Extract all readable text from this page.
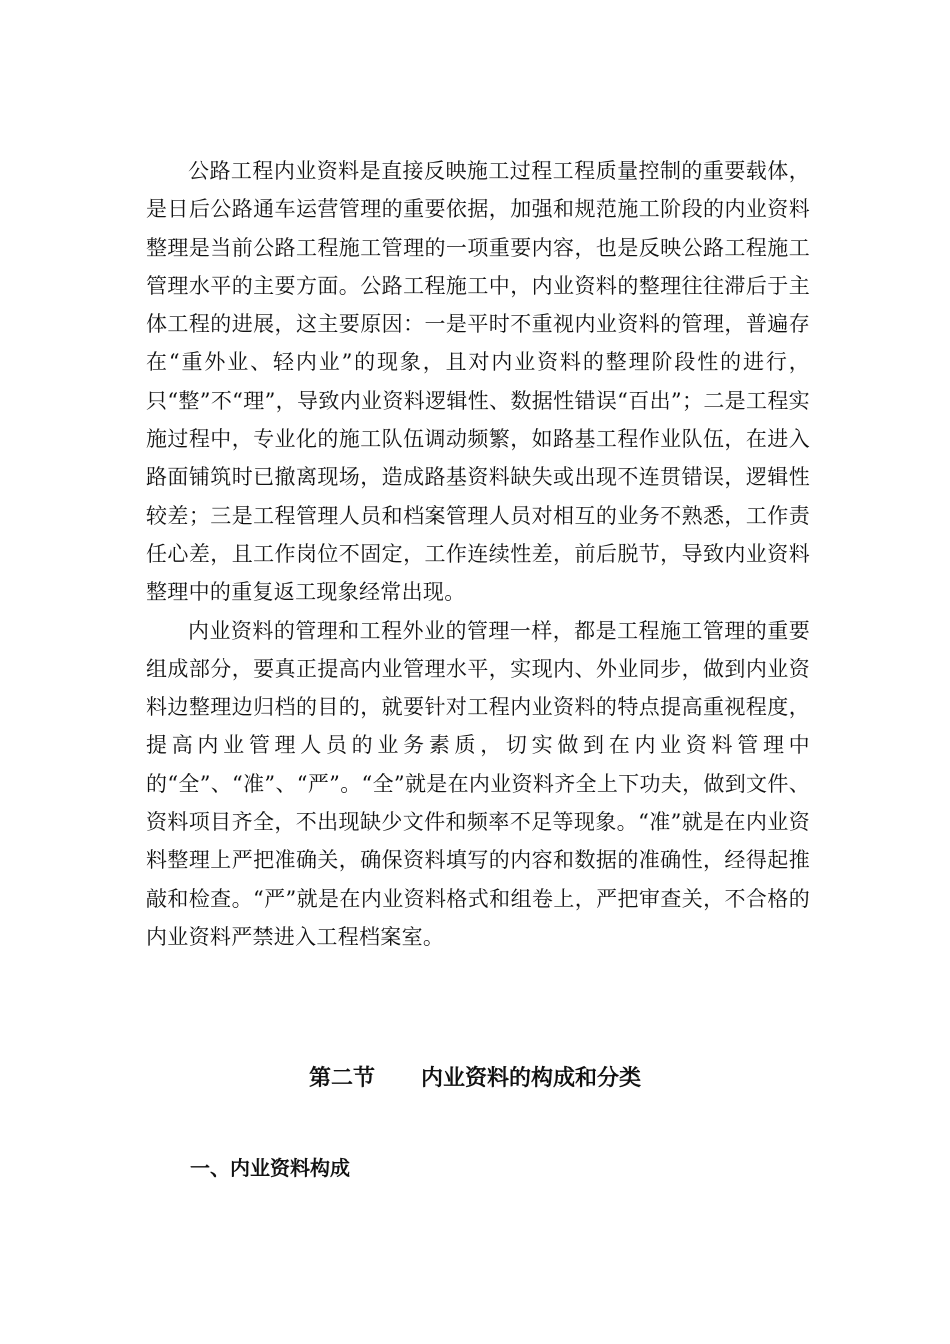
公路工程内业资料是直接反映施工过程工程质量控制的重要载体，是日后公路通车运营管理的重要依据，加强和规范施工阶段的内业资料整理是当前公路工程施工管理的一项重要内容，也是反映公路工程施工管理水平的主要方面。公路工程施工中，内业资料的整理往往滞后于主体工程的进展，这主要原因：一是平时不重视内业资料的管理，普遍存在“重外业、轻内业”的现象，且对内业资料的整理阶段性的进行，只“整”不“理”，导致内业资料逻辑性、数据性错误“百出”；二是工程实施过程中，专业化的施工队伍调动频繁，如路基工程作业队伍，在进入路面铺筑时已撤离现场，造成路基资料缺失或出现不连贯错误，逻辑性较差；三是工程管理人员和档案管理人员对相互的业务不熟悉，工作责任心差，且工作岗位不固定，工作连续性差，前后脱节，导致内业资料整理中的重复返工现象经常出现。

内业资料的管理和工程外业的管理一样，都是工程施工管理的重要组成部分，要真正提高内业管理水平，实现内、外业同步，做到内业资料边整理边归档的目的，就要针对工程内业资料的特点提高重视程度，提高内业管理人员的业务素质，切实做到在内业资料管理中的“全”、“准”、“严”。“全”就是在内业资料齐全上下功夫，做到文件、资料项目齐全，不出现缺少文件和频率不足等现象。“准”就是在内业资料整理上严把准确关，确保资料填写的内容和数据的准确性，经得起推敲和检查。“严”就是在内业资料格式和组卷上，严把审查关，不合格的内业资料严禁进入工程档案室。

第二节 内业资料的构成和分类
一、内业资料构成
